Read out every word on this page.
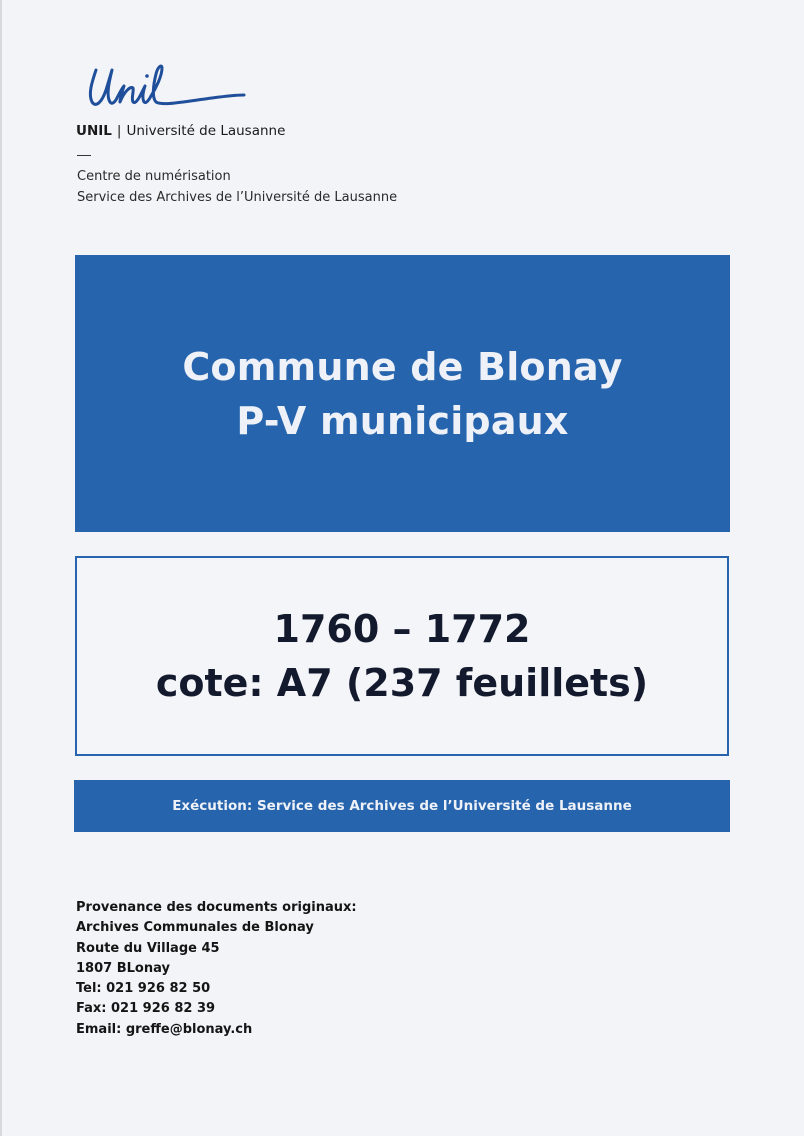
UNIL | Université de Lausanne
Centre de numérisation
Service des Archives de l’Université de Lausanne
Commune de Blonay
P-V municipaux
1760 – 1772
cote: A7 (237 feuillets)
Exécution: Service des Archives de l’Université de Lausanne
Provenance des documents originaux:
Archives Communales de Blonay
Route du Village 45
1807 BLonay
Tel: 021 926 82 50
Fax: 021 926 82 39
Email: greffe@blonay.ch
